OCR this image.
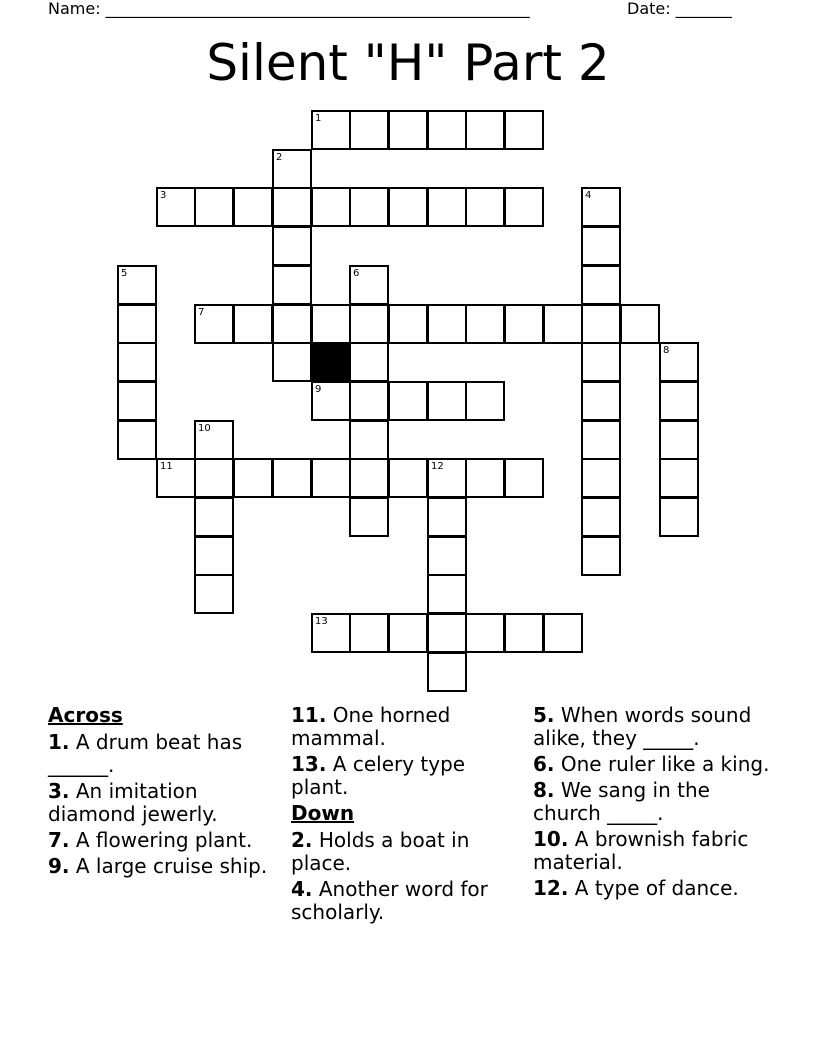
Name: _____________________________________________________	Date: _______
Silent "H" Part 2
1
2
3	4
5	6
7
8
9
10
11	12
13
Across
1. A drum beat has ______.
3. An imitation diamond jewerly.
7. A flowering plant.
9. A large cruise ship.
11. One horned mammal.
13. A celery type plant.
Down
2. Holds a boat in place.
4. Another word for scholarly.
5. When words sound alike, they _____.
6. One ruler like a king.
8. We sang in the church _____.
10. A brownish fabric material.
12. A type of dance.
